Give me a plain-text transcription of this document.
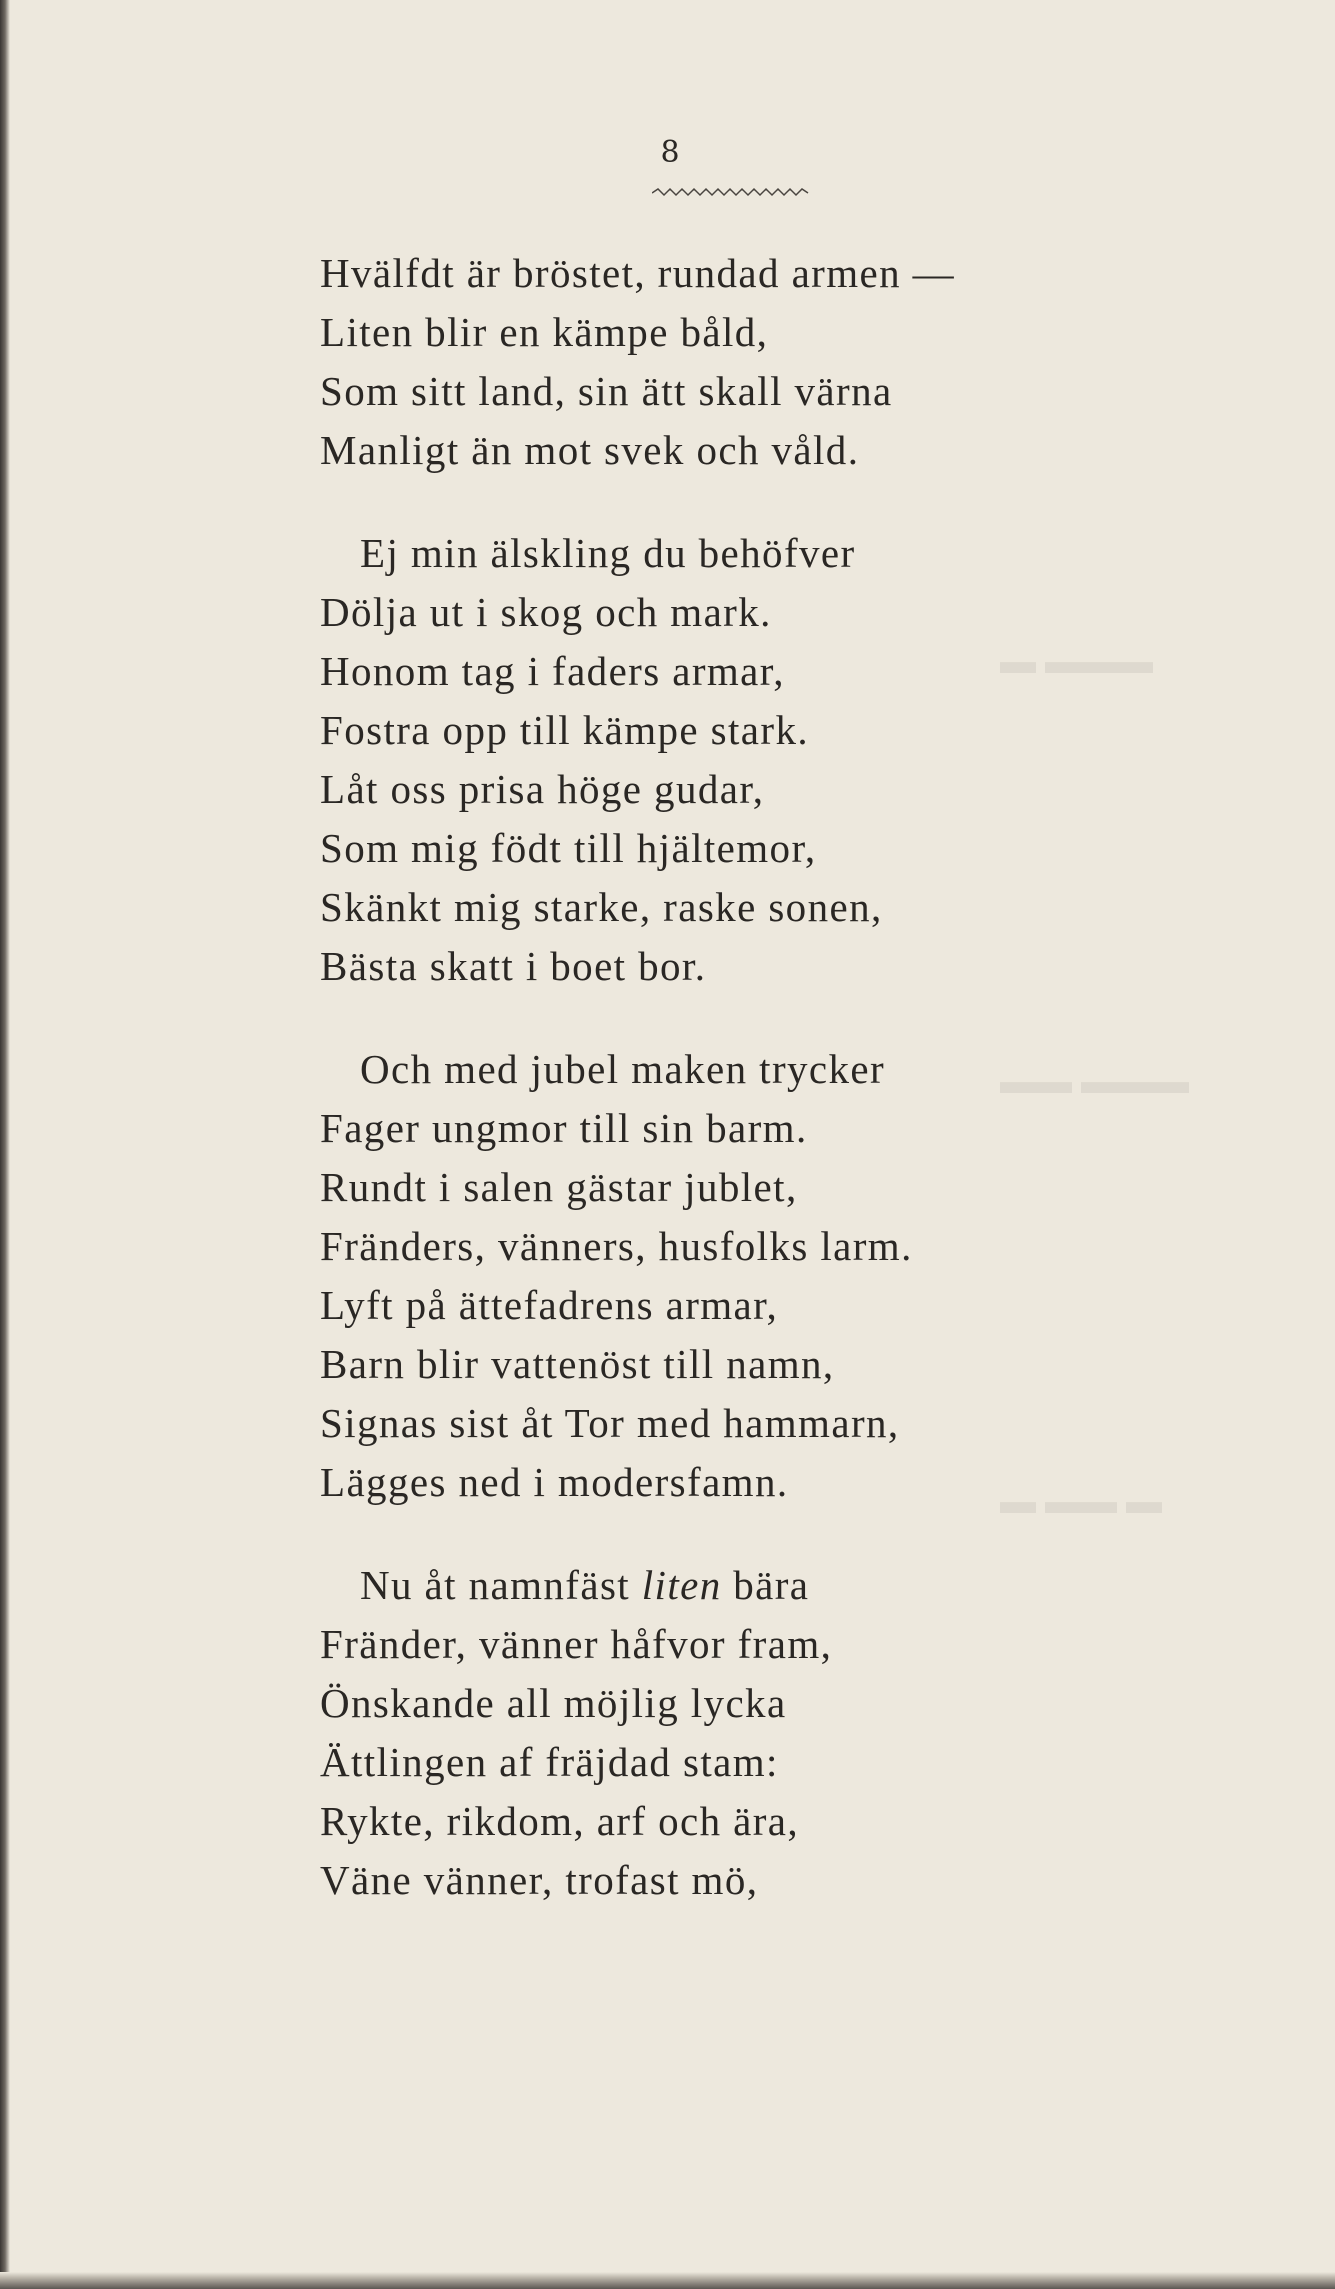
▬ ▬▬▬
▬▬ ▬▬▬
▬ ▬▬ ▬
8
Hvälfdt är bröstet, rundad armen —
Liten blir en kämpe båld,
Som sitt land, sin ätt skall värna
Manligt än mot svek och våld.
Ej min älskling du behöfver
Dölja ut i skog och mark.
Honom tag i faders armar,
Fostra opp till kämpe stark.
Låt oss prisa höge gudar,
Som mig födt till hjältemor,
Skänkt mig starke, raske sonen,
Bästa skatt i boet bor.
Och med jubel maken trycker
Fager ungmor till sin barm.
Rundt i salen gästar jublet,
Fränders, vänners, husfolks larm.
Lyft på ättefadrens armar,
Barn blir vattenöst till namn,
Signas sist åt Tor med hammarn,
Lägges ned i modersfamn.
Nu åt namnfäst liten bära
Fränder, vänner håfvor fram,
Önskande all möjlig lycka
Ättlingen af fräjdad stam:
Rykte, rikdom, arf och ära,
Väne vänner, trofast mö,
